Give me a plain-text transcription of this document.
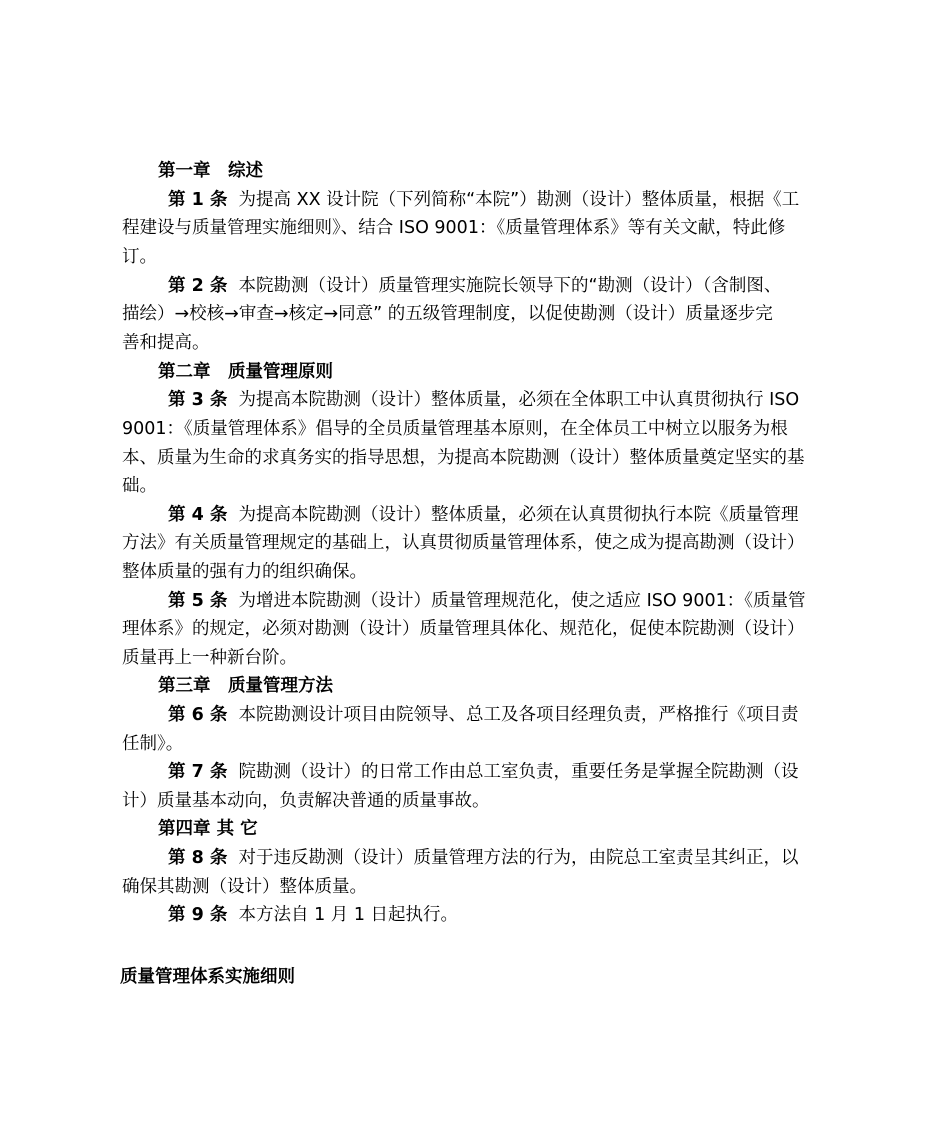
第一章　综述
第 1 条 为提高 XX 设计院（下列简称“本院”）勘测（设计）整体质量，根据《工
程建设与质量管理实施细则》、结合 ISO 9001：《质量管理体系》等有关文献，特此修
订。
第 2 条 本院勘测（设计）质量管理实施院长领导下的“勘测（设计）（含制图、
描绘）→校核→审查→核定→同意” 的五级管理制度，以促使勘测（设计）质量逐步完
善和提高。
第二章　质量管理原则
第 3 条 为提高本院勘测（设计）整体质量，必须在全体职工中认真贯彻执行 ISO
9001：《质量管理体系》倡导的全员质量管理基本原则，在全体员工中树立以服务为根
本、质量为生命的求真务实的指导思想，为提高本院勘测（设计）整体质量奠定坚实的基
础。
第 4 条 为提高本院勘测（设计）整体质量，必须在认真贯彻执行本院《质量管理
方法》有关质量管理规定的基础上，认真贯彻质量管理体系，使之成为提高勘测（设计）
整体质量的强有力的组织确保。
第 5 条 为增进本院勘测（设计）质量管理规范化，使之适应 ISO 9001：《质量管
理体系》的规定，必须对勘测（设计）质量管理具体化、规范化，促使本院勘测（设计）
质量再上一种新台阶。
第三章　质量管理方法
第 6 条 本院勘测设计项目由院领导、总工及各项目经理负责，严格推行《项目责
任制》。
第 7 条 院勘测（设计）的日常工作由总工室负责，重要任务是掌握全院勘测（设
计）质量基本动向，负责解决普通的质量事故。
第四章 其 它
第 8 条 对于违反勘测（设计）质量管理方法的行为，由院总工室责呈其纠正，以
确保其勘测（设计）整体质量。
第 9 条 本方法自 1 月 1 日起执行。
质量管理体系实施细则
